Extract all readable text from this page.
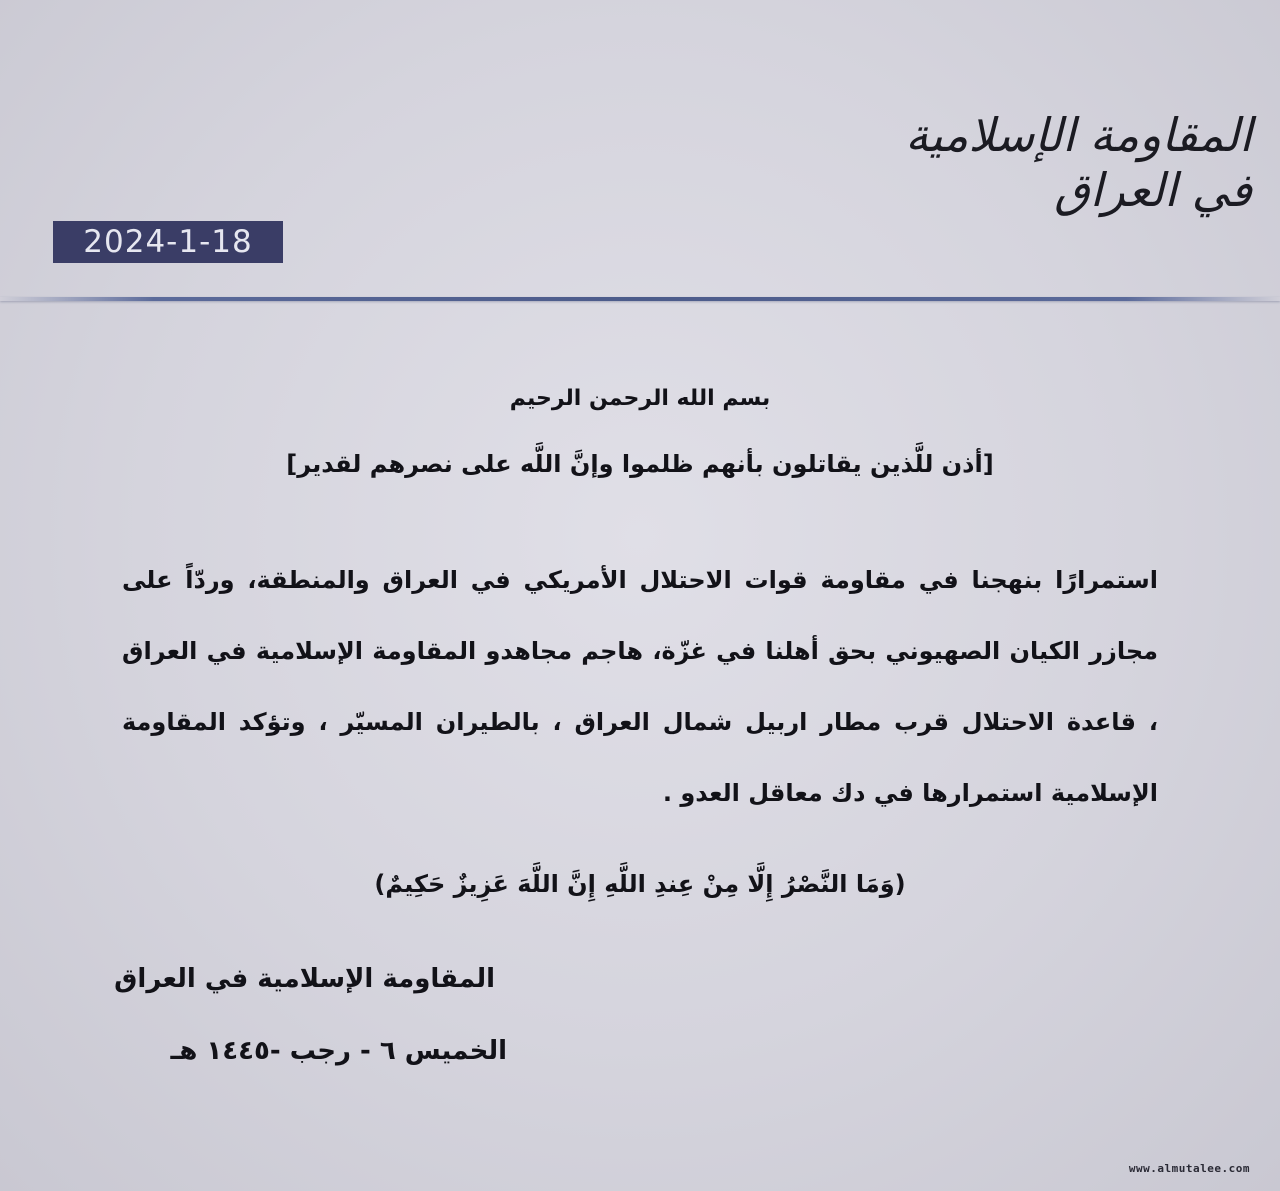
المقاومة الإسلامية في العراق
2024-1-18
بسم الله الرحمن الرحيم
[أذن للَّذين يقاتلون بأنهم ظلموا وإنَّ اللَّه على نصرهم لقدير]
استمرارًا بنهجنا في مقاومة قوات الاحتلال الأمريكي في العراق والمنطقة، وردّاً على مجازر الكيان الصهيوني بحق أهلنا في غزّة، هاجم مجاهدو المقاومة الإسلامية في العراق ، قاعدة الاحتلال قرب مطار اربيل شمال العراق ، بالطيران المسيّر ، وتؤكد المقاومة الإسلامية استمرارها في دك معاقل العدو .
(وَمَا النَّصْرُ إِلَّا مِنْ عِندِ اللَّهِ إِنَّ اللَّهَ عَزِيزٌ حَكِيمٌ)
المقاومة الإسلامية في العراق
الخميس ٦ - رجب -١٤٤٥ هـ
www.almutalee.com
